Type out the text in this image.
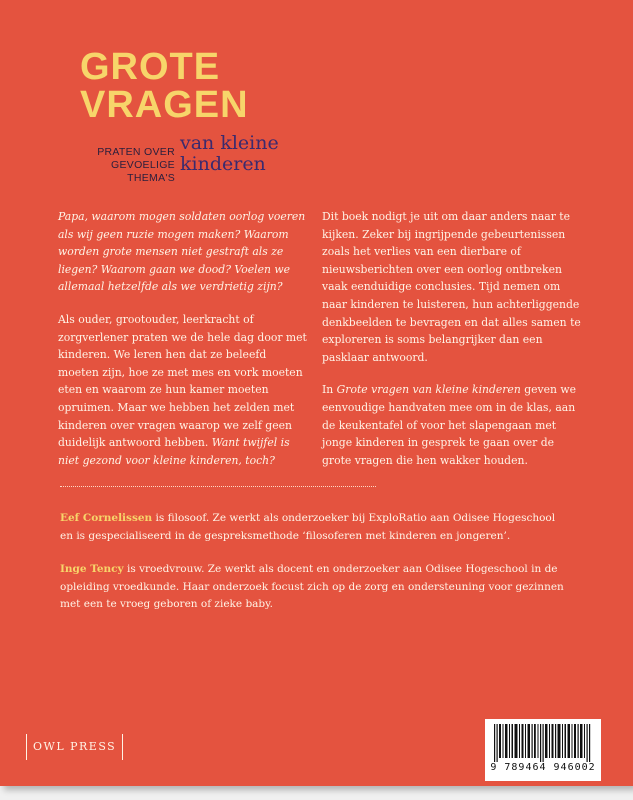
GROTE
VRAGEN
PRATEN OVER
GEVOELIGE THEMA'S
van kleine
kinderen

Papa, waarom mogen soldaten oorlog voeren als wij geen ruzie mogen maken? Waarom worden grote mensen niet gestraft als ze liegen? Waarom gaan we dood? Voelen we allemaal hetzelfde als we verdrietig zijn?

Als ouder, grootouder, leerkracht of zorgverlener praten we de hele dag door met kinderen. We leren hen dat ze beleefd moeten zijn, hoe ze met mes en vork moeten eten en waarom ze hun kamer moeten opruimen. Maar we hebben het zelden met kinderen over vragen waarop we zelf geen duidelijk antwoord hebben. Want twijfel is niet gezond voor kleine kinderen, toch?

Dit boek nodigt je uit om daar anders naar te kijken. Zeker bij ingrijpende gebeurtenissen zoals het verlies van een dierbare of nieuwsberichten over een oorlog ontbreken vaak eenduidige conclusies. Tijd nemen om naar kinderen te luisteren, hun achterliggende denkbeelden te bevragen en dat alles samen te exploreren is soms belangrijker dan een pasklaar antwoord.

In Grote vragen van kleine kinderen geven we eenvoudige handvaten mee om in de klas, aan de keukentafel of voor het slapengaan met jonge kinderen in gesprek te gaan over de grote vragen die hen wakker houden.

Eef Cornelissen is filosoof. Ze werkt als onderzoeker bij ExploRatio aan Odisee Hogeschool en is gespecialiseerd in de gespreksmethode ‘filosoferen met kinderen en jongeren’.
Inge Tency is vroedvrouw. Ze werkt als docent en onderzoeker aan Odisee Hogeschool in de opleiding vroedkunde. Haar onderzoek focust zich op de zorg en ondersteuning voor gezinnen met een te vroeg geboren of zieke baby.
OWL PRESS
9 789464 946002
